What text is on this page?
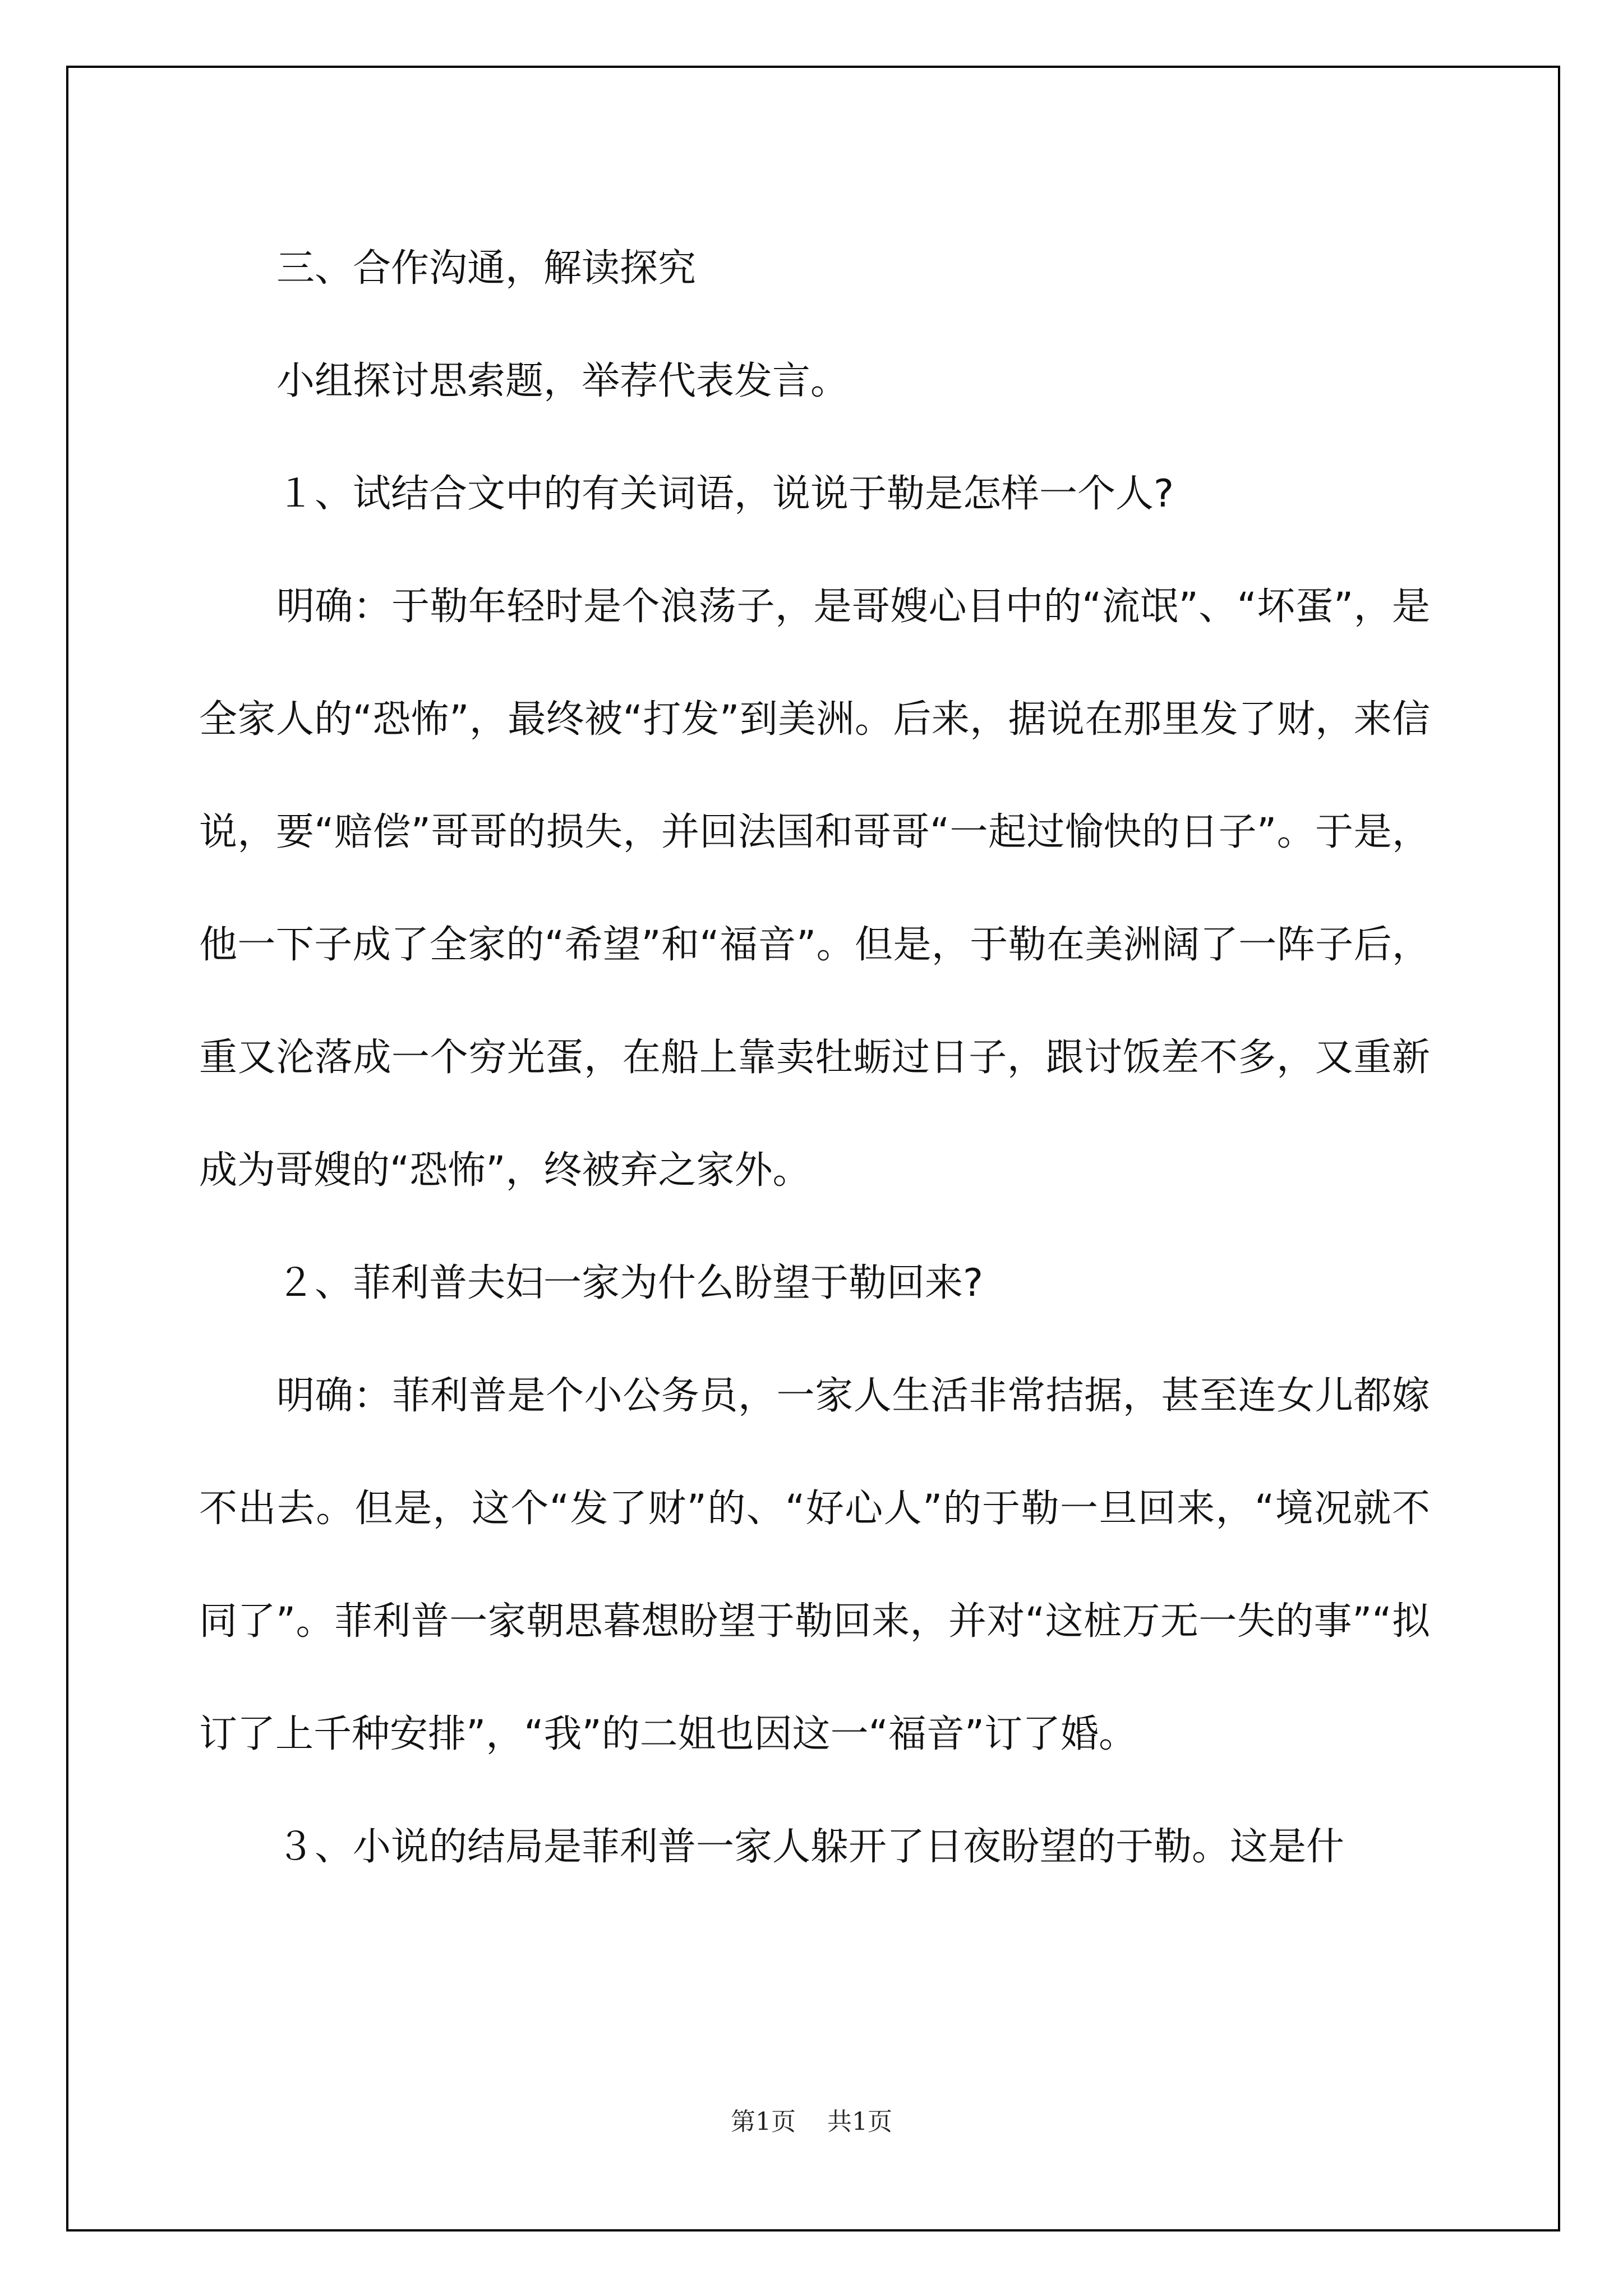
三、合作沟通，解读探究

小组探讨思索题，举荐代表发言。

１、试结合文中的有关词语，说说于勒是怎样一个人?

明确：于勒年轻时是个浪荡子，是哥嫂心目中的“流氓”、“坏蛋”，是全家人的“恐怖”，最终被“打发”到美洲。后来，据说在那里发了财，来信说，要“赔偿”哥哥的损失，并回法国和哥哥“一起过愉快的日子”。于是，他一下子成了全家的“希望”和“福音”。但是，于勒在美洲阔了一阵子后，重又沦落成一个穷光蛋，在船上靠卖牡蛎过日子，跟讨饭差不多，又重新成为哥嫂的“恐怖”，终被弃之家外。

２、菲利普夫妇一家为什么盼望于勒回来?

明确：菲利普是个小公务员，一家人生活非常拮据，甚至连女儿都嫁不出去。但是，这个“发了财”的、“好心人”的于勒一旦回来，“境况就不同了”。菲利普一家朝思暮想盼望于勒回来，并对“这桩万无一失的事”“拟订了上千种安排”，“我”的二姐也因这一“福音”订了婚。

３、小说的结局是菲利普一家人躲开了日夜盼望的于勒。这是什

第1页 共1页
